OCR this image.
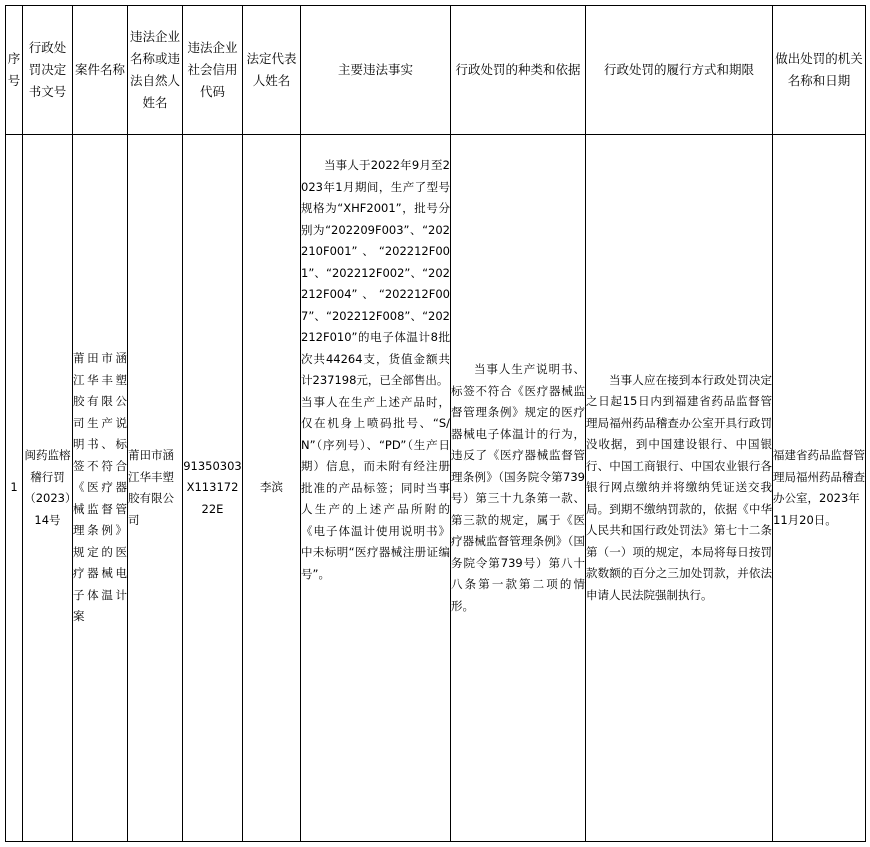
序号	行政处罚决定书文号	案件名称	违法企业名称或违法自然人姓名	违法企业社会信用代码	法定代表人姓名	主要违法事实	行政处罚的种类和依据	行政处罚的履行方式和期限	做出处罚的机关名称和日期
1	闽药监榕稽行罚（2023）14号	莆田市涵江华丰塑胶有限公司生产说明书、标签不符合《医疗器械监督管理条例》规定的医疗器械电子体温计案	莆田市涵江华丰塑胶有限公司	91350303X11317222E	李滨	当事人于2022年9月至2023年1月期间，生产了型号规格为“XHF2001”，批号分别为“202209F003”、“202210F001”、“202212F001”、“202212F002”、“202212F004”、“202212F007”、“202212F008”、“202212F010”的电子体温计8批次共44264支，货值金额共计237198元，已全部售出。

当事人在生产上述产品时，仅在机身上喷码批号、“S/N”（序列号）、“PD”（生产日期）信息，而未附有经注册批准的产品标签；同时当事人生产的上述产品所附的《电子体温计使用说明书》中未标明“医疗器械注册证编号”。	当事人生产说明书、标签不符合《医疗器械监督管理条例》规定的医疗器械电子体温计的行为，违反了《医疗器械监督管理条例》（国务院令第739号）第三十九条第一款、第三款的规定，属于《医疗器械监督管理条例》（国务院令第739号）第八十八条第一款第二项的情形。	当事人应在接到本行政处罚决定之日起15日内到福建省药品监督管理局福州药品稽查办公室开具行政罚没收据，到中国建设银行、中国银行、中国工商银行、中国农业银行各银行网点缴纳并将缴纳凭证送交我局。到期不缴纳罚款的，依据《中华人民共和国行政处罚法》第七十二条第（一）项的规定，本局将每日按罚款数额的百分之三加处罚款，并依法申请人民法院强制执行。	福建省药品监督管理局福州药品稽查办公室，2023年11月20日。
